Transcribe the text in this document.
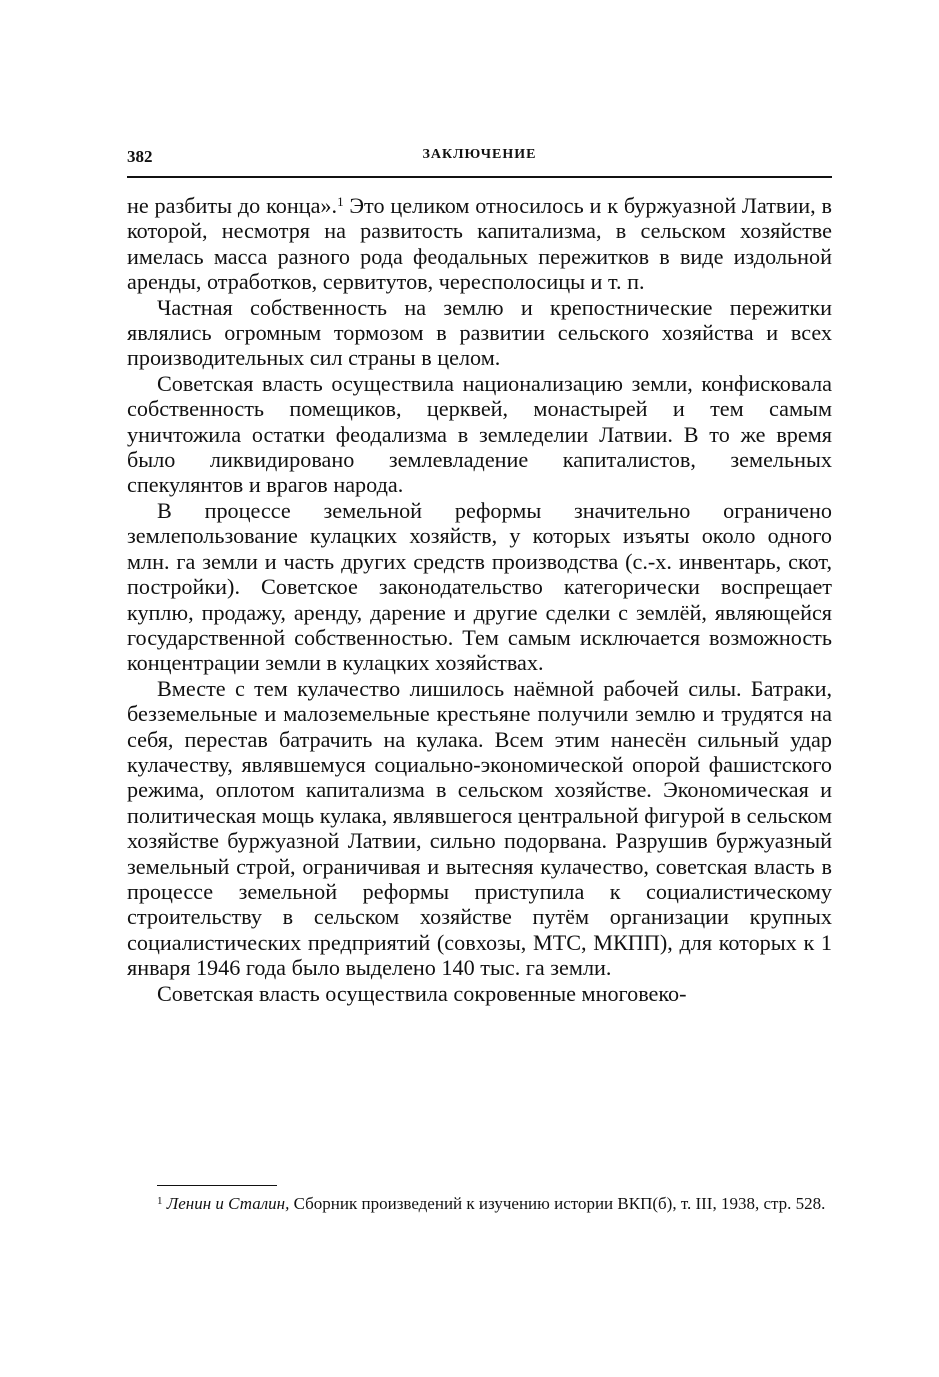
382	ЗАКЛЮЧЕНИЕ

не разбиты до конца».$^1$ Это целиком относилось и к буржуазной Латвии, в которой, несмотря на развитость капитализма, в сельском хозяйстве имелась масса разного рода феодальных пережитков в виде издольной аренды, отработков, сервитутов, чересполосицы и т. п.

Частная собственность на землю и крепостнические пережитки являлись огромным тормозом в развитии сельского хозяйства и всех производительных сил страны в целом.

Советская власть осуществила национализацию земли, конфисковала собственность помещиков, церквей, монастырей и тем самым уничтожила остатки феодализма в земледелии Латвии. В то же время было ликвидировано землевладение капиталистов, земельных спекулянтов и врагов народа.

В процессе земельной реформы значительно ограничено землепользование кулацких хозяйств, у которых изъяты около одного млн. га земли и часть других средств производства (с.-х. инвентарь, скот, постройки). Советское законодательство категорически воспрещает куплю, продажу, аренду, дарение и другие сделки с землёй, являющейся государственной собственностью. Тем самым исключается возможность концентрации земли в кулацких хозяйствах.

Вместе с тем кулачество лишилось наёмной рабочей силы. Батраки, безземельные и малоземельные крестьяне получили землю и трудятся на себя, перестав батрачить на кулака. Всем этим нанесён сильный удар кулачеству, являвшемуся социально-экономической опорой фашистского режима, оплотом капитализма в сельском хозяйстве. Экономическая и политическая мощь кулака, являвшегося центральной фигурой в сельском хозяйстве буржуазной Латвии, сильно подорвана. Разрушив буржуазный земельный строй, ограничивая и вытесняя кулачество, советская власть в процессе земельной реформы приступила к социалистическому строительству в сельском хозяйстве путём организации крупных социалистических предприятий (совхозы, МТС, МКПП), для которых к 1 января 1946 года было выделено 140 тыс. га земли.

Советская власть осуществила сокровенные многовеко-

$^1$ Ленин и Сталин, Сборник произведений к изучению истории ВКП(б), т. III, 1938, стр. 528.
